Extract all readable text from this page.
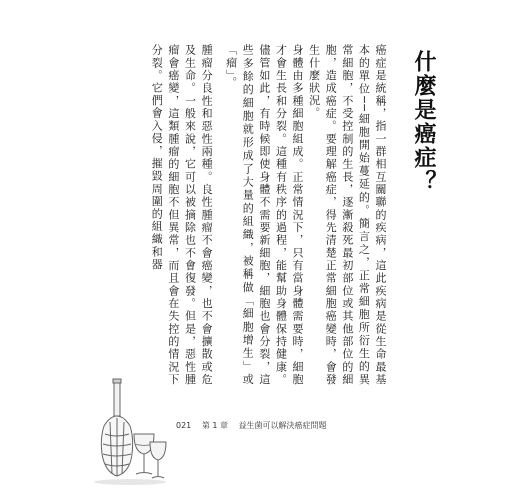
什麼是癌症？

癌症是統稱，指一群相互關聯的疾病，這此疾病是從生命最基本的單位──細胞開始蔓延的。簡言之，正常細胞所衍生的異常細胞，不受控制的生長，逐漸殺死最初部位或其他部位的細胞，造成癌症。要理解癌症，得先清楚正常細胞癌變時，會發生什麼狀況。

身體由多種細胞組成。正常情況下，只有當身體需要時，細胞才會生長和分裂。這種有秩序的過程，能幫助身體保持健康。儘管如此，有時候即使身體不需要新細胞，細胞也會分裂，這些多餘的細胞就形成了大量的組織，被稱做「細胞增生」或「瘤」。

腫瘤分良性和惡性兩種。良性腫瘤不會癌變，也不會擴散或危及生命。一般來說，它可以被摘除也不會復發。但是，惡性腫瘤會癌變，這類腫瘤的細胞不但異常，而且會在失控的情況下分裂。它們會入侵，摧毀周圍的組織和器

021 第 1 章 益生菌可以解決癌症問題
